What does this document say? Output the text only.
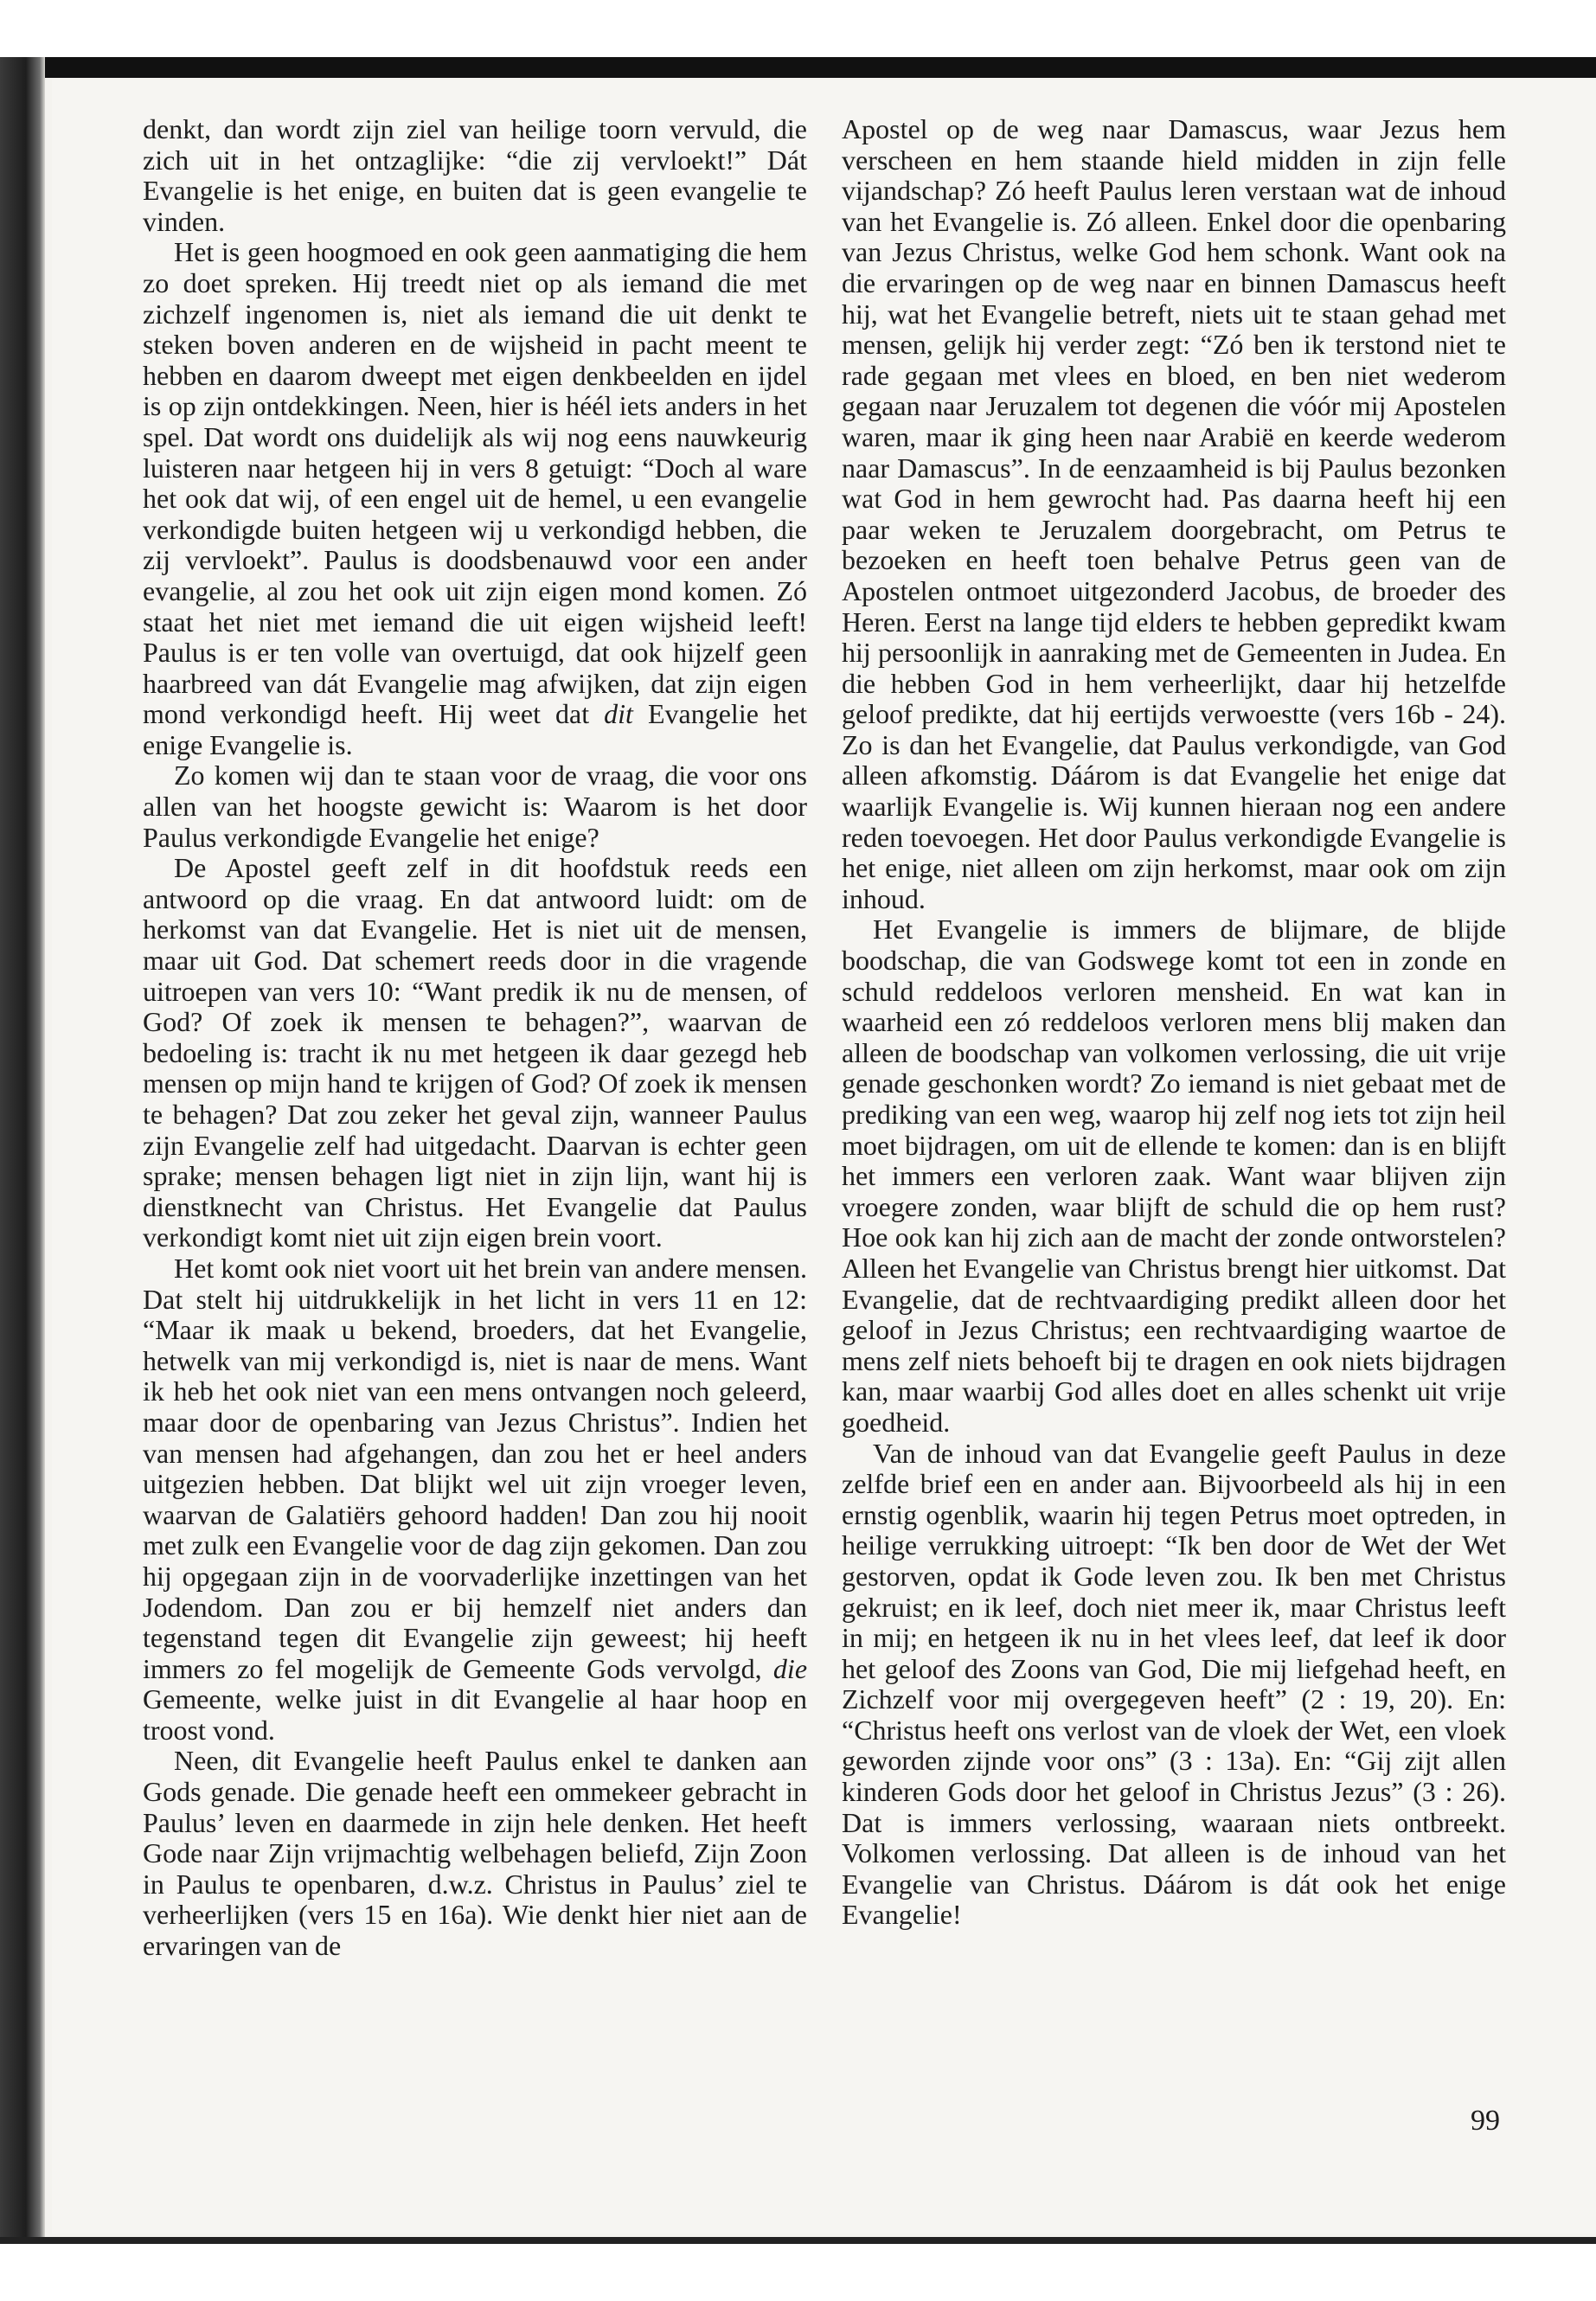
denkt, dan wordt zijn ziel van heilige toorn vervuld, die zich uit in het ontzaglijke: “die zij vervloekt!” Dát Evangelie is het enige, en buiten dat is geen evangelie te vinden.

Het is geen hoogmoed en ook geen aanmatiging die hem zo doet spreken. Hij treedt niet op als iemand die met zichzelf ingenomen is, niet als iemand die uit denkt te steken boven anderen en de wijsheid in pacht meent te hebben en daarom dweept met eigen denkbeelden en ijdel is op zijn ontdekkingen. Neen, hier is héél iets anders in het spel. Dat wordt ons duidelijk als wij nog eens nauwkeurig luisteren naar hetgeen hij in vers 8 getuigt: “Doch al ware het ook dat wij, of een engel uit de hemel, u een evangelie verkondigde buiten hetgeen wij u verkondigd hebben, die zij vervloekt”. Paulus is doodsbenauwd voor een ander evangelie, al zou het ook uit zijn eigen mond komen. Zó staat het niet met iemand die uit eigen wijsheid leeft! Paulus is er ten volle van overtuigd, dat ook hijzelf geen haarbreed van dát Evangelie mag afwijken, dat zijn eigen mond verkondigd heeft. Hij weet dat dit Evangelie het enige Evangelie is.

Zo komen wij dan te staan voor de vraag, die voor ons allen van het hoogste gewicht is: Waarom is het door Paulus verkondigde Evangelie het enige?

De Apostel geeft zelf in dit hoofdstuk reeds een antwoord op die vraag. En dat antwoord luidt: om de herkomst van dat Evangelie. Het is niet uit de mensen, maar uit God. Dat schemert reeds door in die vragende uitroepen van vers 10: “Want predik ik nu de mensen, of God? Of zoek ik mensen te behagen?”, waarvan de bedoeling is: tracht ik nu met hetgeen ik daar gezegd heb mensen op mijn hand te krijgen of God? Of zoek ik mensen te behagen? Dat zou zeker het geval zijn, wanneer Paulus zijn Evangelie zelf had uitgedacht. Daarvan is echter geen sprake; mensen behagen ligt niet in zijn lijn, want hij is dienstknecht van Christus. Het Evangelie dat Paulus verkondigt komt niet uit zijn eigen brein voort.

Het komt ook niet voort uit het brein van andere mensen. Dat stelt hij uitdrukkelijk in het licht in vers 11 en 12: “Maar ik maak u bekend, broeders, dat het Evangelie, hetwelk van mij verkondigd is, niet is naar de mens. Want ik heb het ook niet van een mens ontvangen noch geleerd, maar door de openbaring van Jezus Christus”. Indien het van mensen had afgehangen, dan zou het er heel anders uitgezien hebben. Dat blijkt wel uit zijn vroeger leven, waarvan de Galatiërs gehoord hadden! Dan zou hij nooit met zulk een Evangelie voor de dag zijn gekomen. Dan zou hij opgegaan zijn in de voorvaderlijke inzettingen van het Jodendom. Dan zou er bij hemzelf niet anders dan tegenstand tegen dit Evangelie zijn geweest; hij heeft immers zo fel mogelijk de Gemeente Gods vervolgd, die Gemeente, welke juist in dit Evangelie al haar hoop en troost vond.

Neen, dit Evangelie heeft Paulus enkel te danken aan Gods genade. Die genade heeft een ommekeer gebracht in Paulus’ leven en daarmede in zijn hele denken. Het heeft Gode naar Zijn vrijmachtig welbehagen beliefd, Zijn Zoon in Paulus te openbaren, d.w.z. Christus in Paulus’ ziel te verheerlijken (vers 15 en 16a). Wie denkt hier niet aan de ervaringen van de

Apostel op de weg naar Damascus, waar Jezus hem verscheen en hem staande hield midden in zijn felle vijandschap? Zó heeft Paulus leren verstaan wat de inhoud van het Evangelie is. Zó alleen. Enkel door die openbaring van Jezus Christus, welke God hem schonk. Want ook na die ervaringen op de weg naar en binnen Damascus heeft hij, wat het Evangelie betreft, niets uit te staan gehad met mensen, gelijk hij verder zegt: “Zó ben ik terstond niet te rade gegaan met vlees en bloed, en ben niet wederom gegaan naar Jeruzalem tot degenen die vóór mij Apostelen waren, maar ik ging heen naar Arabië en keerde wederom naar Damascus”. In de eenzaamheid is bij Paulus bezonken wat God in hem gewrocht had. Pas daarna heeft hij een paar weken te Jeruzalem doorgebracht, om Petrus te bezoeken en heeft toen behalve Petrus geen van de Apostelen ontmoet uitgezonderd Jacobus, de broeder des Heren. Eerst na lange tijd elders te hebben gepredikt kwam hij persoonlijk in aanraking met de Gemeenten in Judea. En die hebben God in hem verheerlijkt, daar hij hetzelfde geloof predikte, dat hij eertijds verwoestte (vers 16b - 24). Zo is dan het Evangelie, dat Paulus verkondigde, van God alleen afkomstig. Dáárom is dat Evangelie het enige dat waarlijk Evangelie is. Wij kunnen hieraan nog een andere reden toevoegen. Het door Paulus verkondigde Evangelie is het enige, niet alleen om zijn herkomst, maar ook om zijn inhoud.

Het Evangelie is immers de blijmare, de blijde boodschap, die van Godswege komt tot een in zonde en schuld reddeloos verloren mensheid. En wat kan in waarheid een zó reddeloos verloren mens blij maken dan alleen de boodschap van volkomen verlossing, die uit vrije genade geschonken wordt? Zo iemand is niet gebaat met de prediking van een weg, waarop hij zelf nog iets tot zijn heil moet bijdragen, om uit de ellende te komen: dan is en blijft het immers een verloren zaak. Want waar blijven zijn vroegere zonden, waar blijft de schuld die op hem rust? Hoe ook kan hij zich aan de macht der zonde ontworstelen? Alleen het Evangelie van Christus brengt hier uitkomst. Dat Evangelie, dat de rechtvaardiging predikt alleen door het geloof in Jezus Christus; een rechtvaardiging waartoe de mens zelf niets behoeft bij te dragen en ook niets bijdragen kan, maar waarbij God alles doet en alles schenkt uit vrije goedheid.

Van de inhoud van dat Evangelie geeft Paulus in deze zelfde brief een en ander aan. Bijvoorbeeld als hij in een ernstig ogenblik, waarin hij tegen Petrus moet optreden, in heilige verrukking uitroept: “Ik ben door de Wet der Wet gestorven, opdat ik Gode leven zou. Ik ben met Christus gekruist; en ik leef, doch niet meer ik, maar Christus leeft in mij; en hetgeen ik nu in het vlees leef, dat leef ik door het geloof des Zoons van God, Die mij liefgehad heeft, en Zichzelf voor mij overgegeven heeft” (2 : 19, 20). En: “Christus heeft ons verlost van de vloek der Wet, een vloek geworden zijnde voor ons” (3 : 13a). En: “Gij zijt allen kinderen Gods door het geloof in Christus Jezus” (3 : 26). Dat is immers verlossing, waaraan niets ontbreekt. Volkomen verlossing. Dat alleen is de inhoud van het Evangelie van Christus. Dáárom is dát ook het enige Evangelie!

99
